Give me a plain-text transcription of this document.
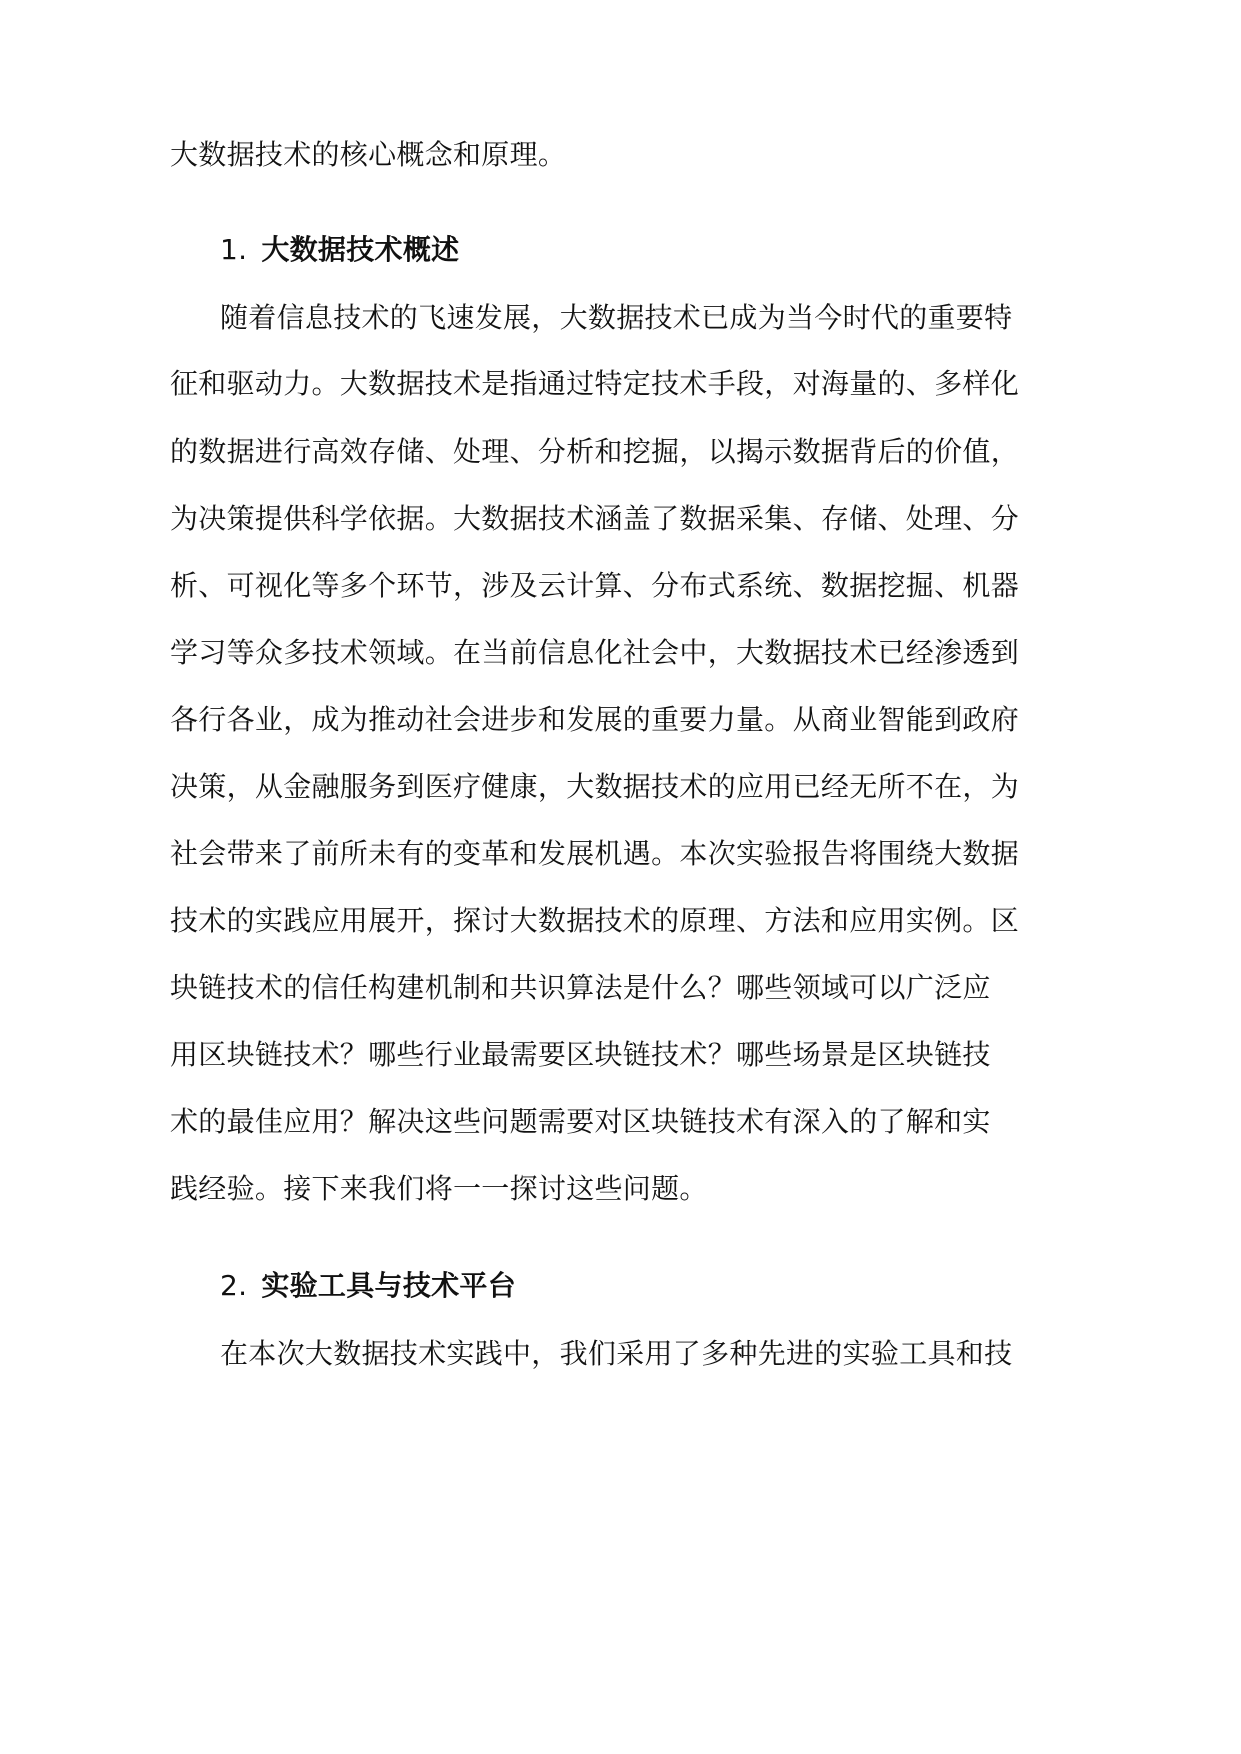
大数据技术的核心概念和原理。
1. 大数据技术概述
随着信息技术的飞速发展，大数据技术已成为当今时代的重要特
征和驱动力。大数据技术是指通过特定技术手段，对海量的、多样化
的数据进行高效存储、处理、分析和挖掘，以揭示数据背后的价值，
为决策提供科学依据。大数据技术涵盖了数据采集、存储、处理、分
析、可视化等多个环节，涉及云计算、分布式系统、数据挖掘、机器
学习等众多技术领域。在当前信息化社会中，大数据技术已经渗透到
各行各业，成为推动社会进步和发展的重要力量。从商业智能到政府
决策，从金融服务到医疗健康，大数据技术的应用已经无所不在，为
社会带来了前所未有的变革和发展机遇。本次实验报告将围绕大数据
技术的实践应用展开，探讨大数据技术的原理、方法和应用实例。区
块链技术的信任构建机制和共识算法是什么？哪些领域可以广泛应
用区块链技术？哪些行业最需要区块链技术？哪些场景是区块链技
术的最佳应用？解决这些问题需要对区块链技术有深入的了解和实
践经验。接下来我们将一一探讨这些问题。
2. 实验工具与技术平台
在本次大数据技术实践中，我们采用了多种先进的实验工具和技
